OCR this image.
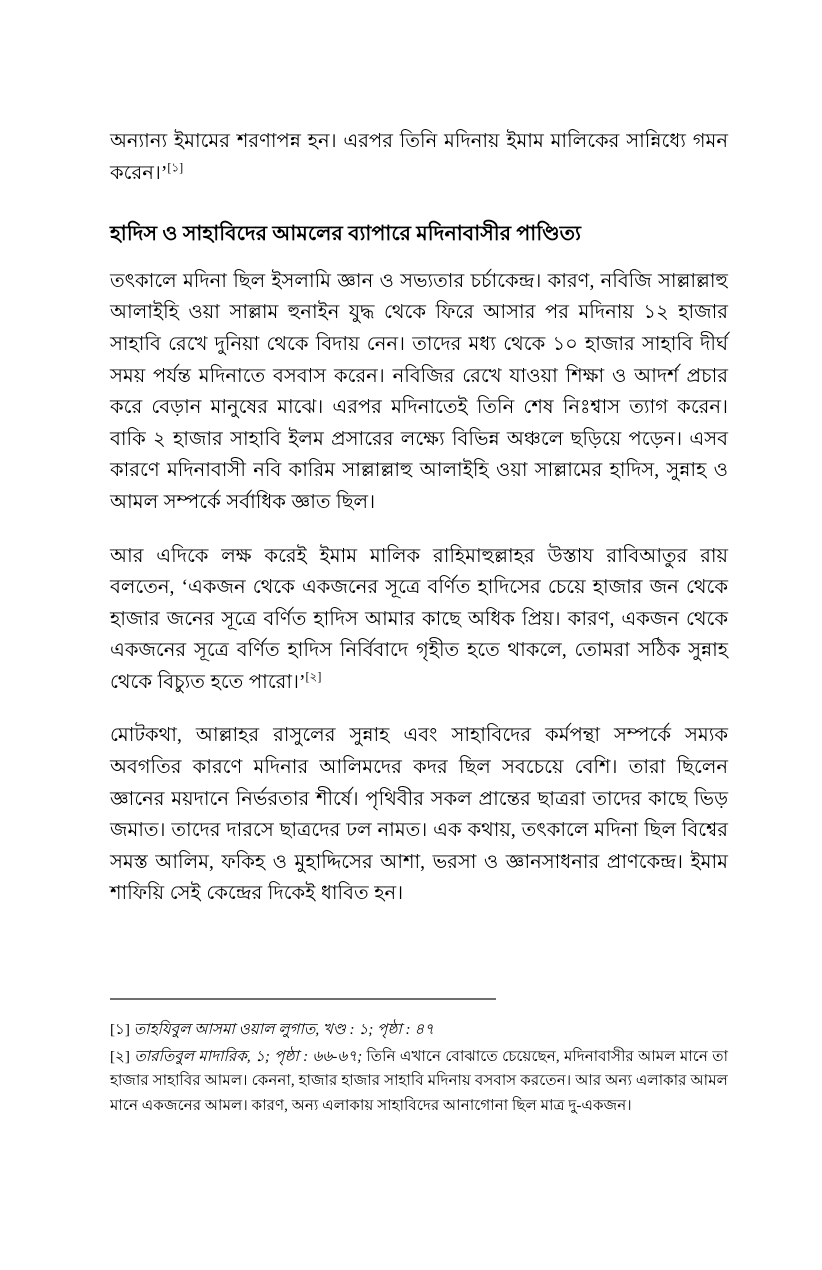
অন্যান্য ইমামের শরণাপন্ন হন। এরপর তিনি মদিনায় ইমাম মালিকের সান্নিধ্যে গমন করেন।’[১]

হাদিস ও সাহাবিদের আমলের ব্যাপারে মদিনাবাসীর পাণ্ডিত্য

তৎকালে মদিনা ছিল ইসলামি জ্ঞান ও সভ্যতার চর্চাকেন্দ্র। কারণ, নবিজি সাল্লাল্লাহু আলাইহি ওয়া সাল্লাম হুনাইন যুদ্ধ থেকে ফিরে আসার পর মদিনায় ১২ হাজার সাহাবি রেখে দুনিয়া থেকে বিদায় নেন। তাদের মধ্য থেকে ১০ হাজার সাহাবি দীর্ঘ সময় পর্যন্ত মদিনাতে বসবাস করেন। নবিজির রেখে যাওয়া শিক্ষা ও আদর্শ প্রচার করে বেড়ান মানুষের মাঝে। এরপর মদিনাতেই তিনি শেষ নিঃশ্বাস ত্যাগ করেন। বাকি ২ হাজার সাহাবি ইলম প্রসারের লক্ষ্যে বিভিন্ন অঞ্চলে ছড়িয়ে পড়েন। এসব কারণে মদিনাবাসী নবি কারিম সাল্লাল্লাহু আলাইহি ওয়া সাল্লামের হাদিস, সুন্নাহ ও আমল সম্পর্কে সর্বাধিক জ্ঞাত ছিল।

আর এদিকে লক্ষ করেই ইমাম মালিক রাহিমাহুল্লাহর উস্তায রাবিআতুর রায় বলতেন, ‘একজন থেকে একজনের সূত্রে বর্ণিত হাদিসের চেয়ে হাজার জন থেকে হাজার জনের সূত্রে বর্ণিত হাদিস আমার কাছে অধিক প্রিয়। কারণ, একজন থেকে একজনের সূত্রে বর্ণিত হাদিস নির্বিবাদে গৃহীত হতে থাকলে, তোমরা সঠিক সুন্নাহ থেকে বিচ্যুত হতে পারো।’[২]

মোটকথা, আল্লাহর রাসুলের সুন্নাহ এবং সাহাবিদের কর্মপন্থা সম্পর্কে সম্যক অবগতির কারণে মদিনার আলিমদের কদর ছিল সবচেয়ে বেশি। তারা ছিলেন জ্ঞানের ময়দানে নির্ভরতার শীর্ষে। পৃথিবীর সকল প্রান্তের ছাত্ররা তাদের কাছে ভিড় জমাত। তাদের দারসে ছাত্রদের ঢল নামত। এক কথায়, তৎকালে মদিনা ছিল বিশ্বের সমস্ত আলিম, ফকিহ ও মুহাদ্দিসের আশা, ভরসা ও জ্ঞানসাধনার প্রাণকেন্দ্র। ইমাম শাফিয়ি সেই কেন্দ্রের দিকেই ধাবিত হন।

[১] তাহযিবুল আসমা ওয়াল লুগাত, খণ্ড : ১; পৃষ্ঠা : ৪৭

[২] তারতিবুল মাদারিক, ১; পৃষ্ঠা : ৬৬-৬৭; তিনি এখানে বোঝাতে চেয়েছেন, মদিনাবাসীর আমল মানে তা হাজার সাহাবির আমল। কেননা, হাজার হাজার সাহাবি মদিনায় বসবাস করতেন। আর অন্য এলাকার আমল মানে একজনের আমল। কারণ, অন্য এলাকায় সাহাবিদের আনাগোনা ছিল মাত্র দু-একজন।
